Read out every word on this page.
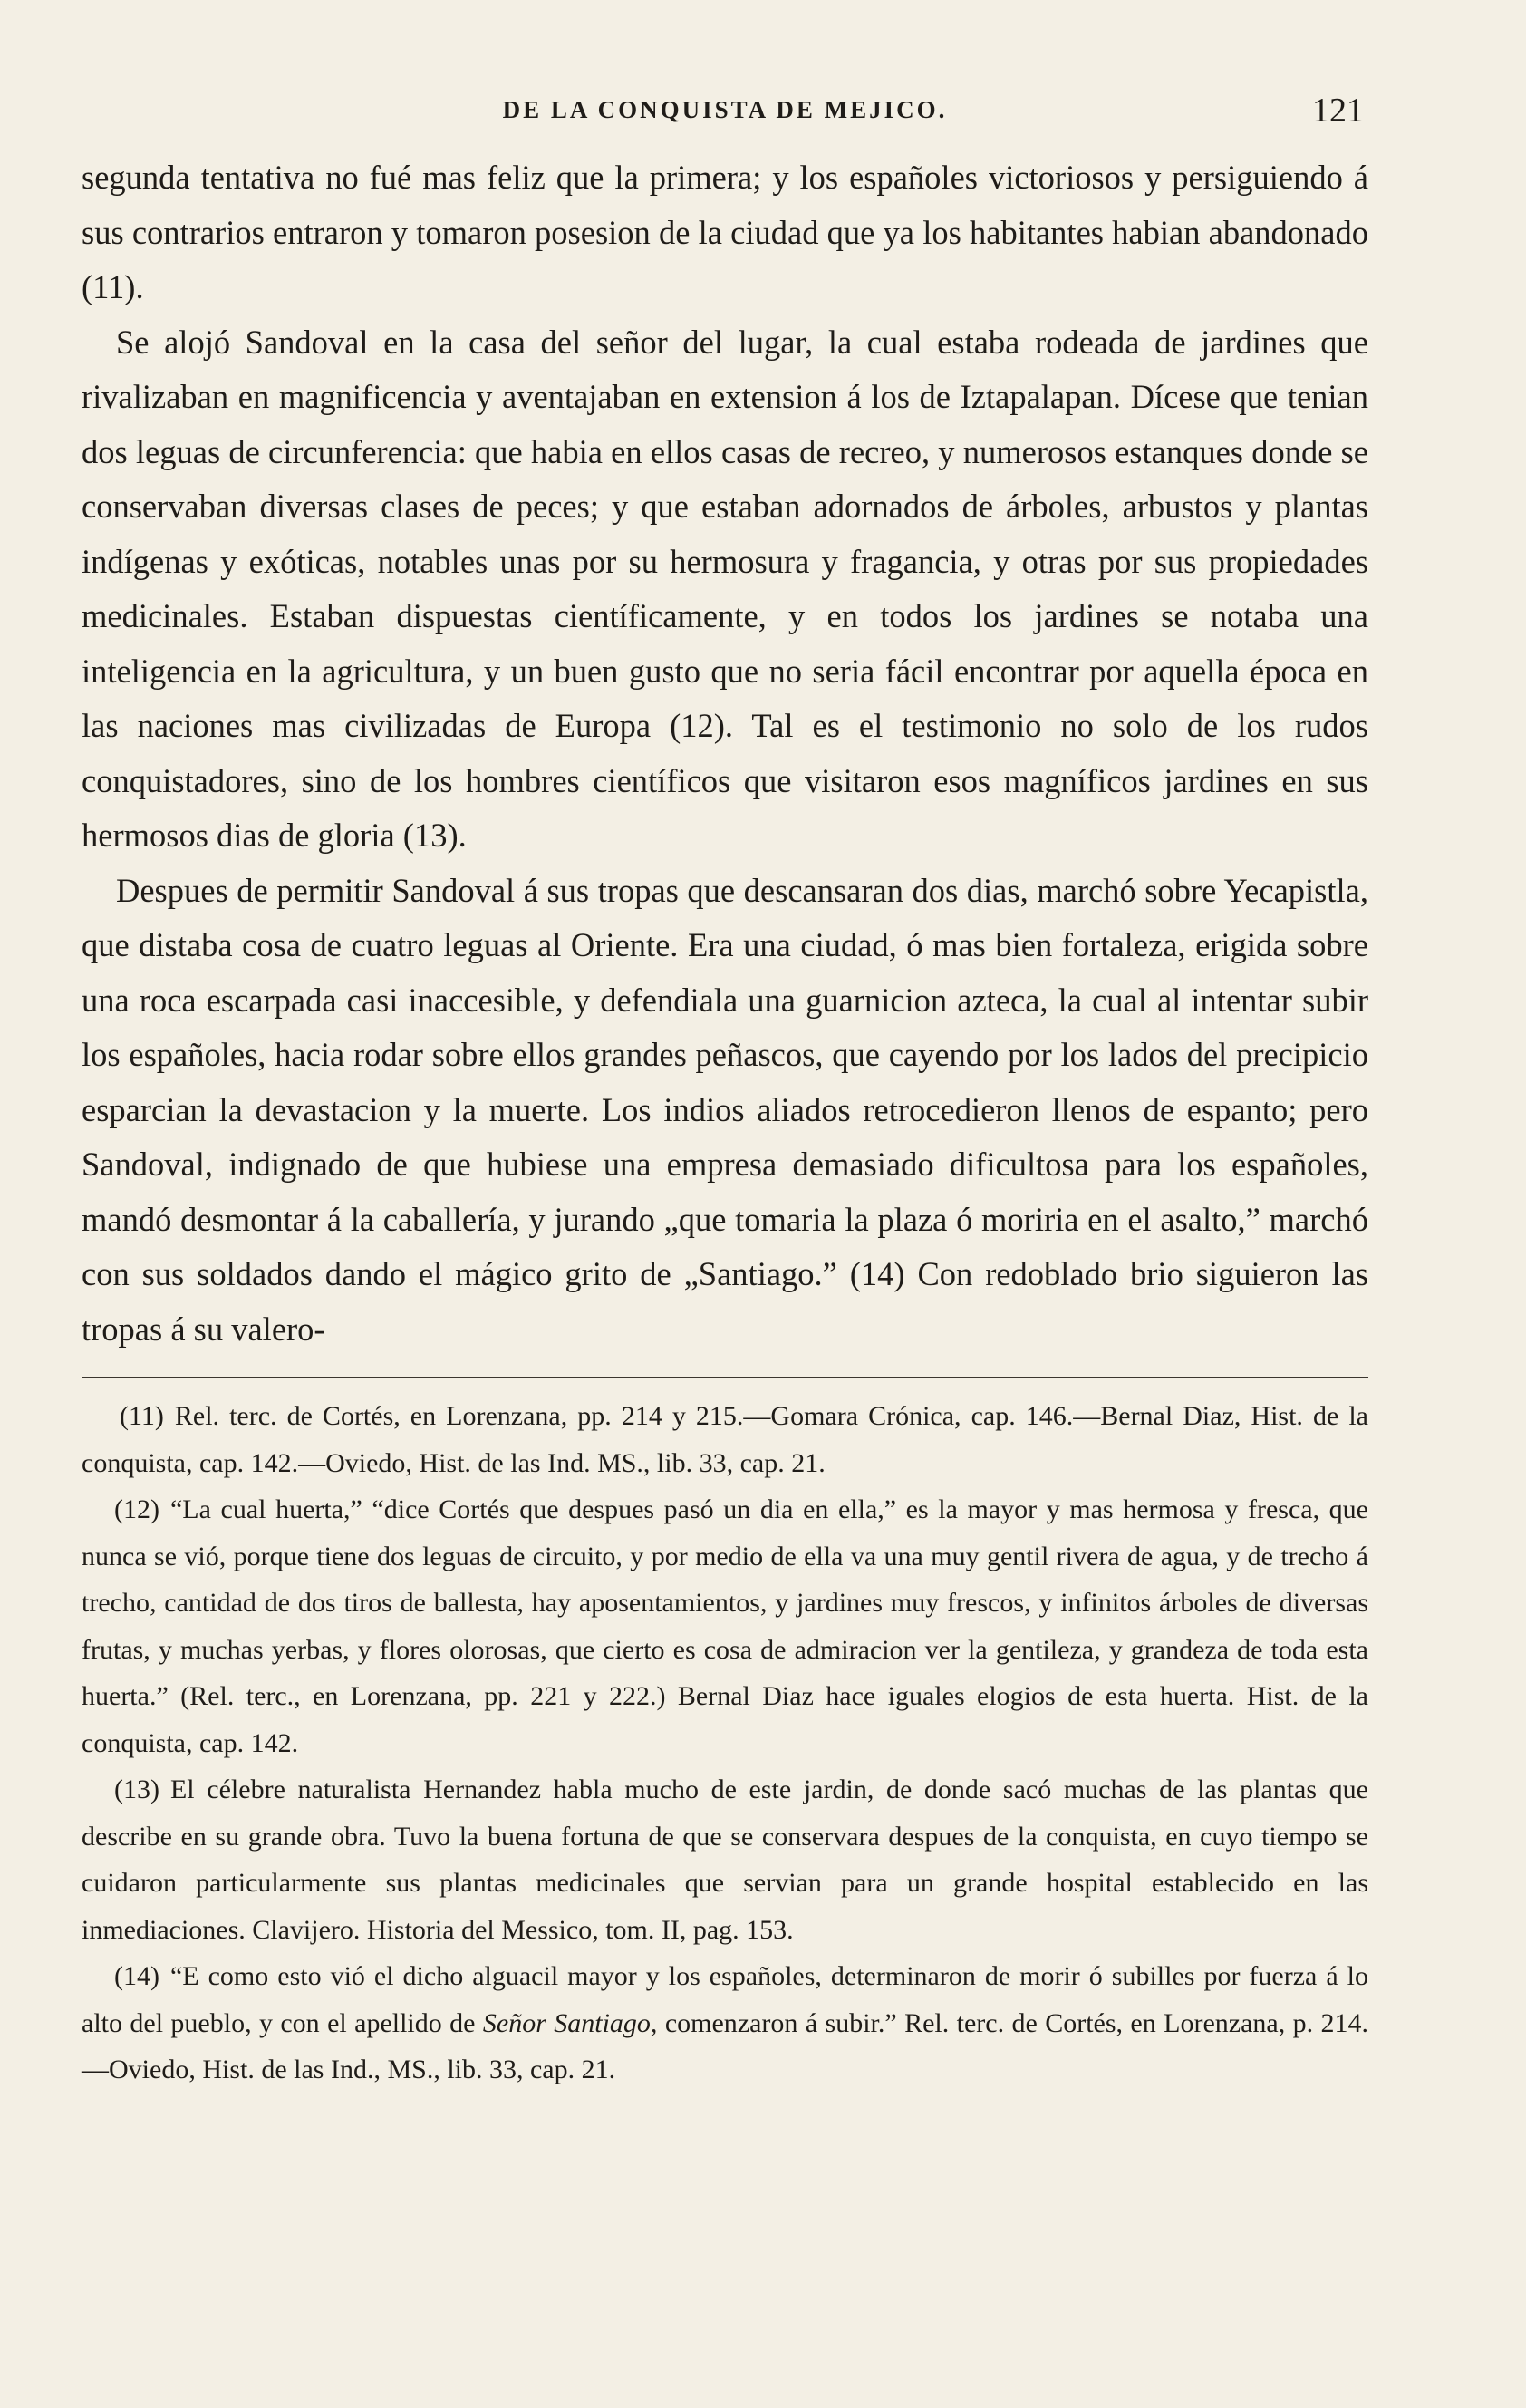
DE LA CONQUISTA DE MEJICO.	121

segunda tentativa no fué mas feliz que la primera; y los españoles victoriosos y persiguiendo á sus contrarios entraron y tomaron posesion de la ciudad que ya los habitantes habian abandonado (11).

Se alojó Sandoval en la casa del señor del lugar, la cual estaba rodeada de jardines que rivalizaban en magnificencia y aventajaban en extension á los de Iztapalapan. Dícese que tenian dos leguas de circunferencia: que habia en ellos casas de recreo, y numerosos estanques donde se conservaban diversas clases de peces; y que estaban adornados de árboles, arbustos y plantas indígenas y exóticas, notables unas por su hermosura y fragancia, y otras por sus propiedades medicinales. Estaban dispuestas científicamente, y en todos los jardines se notaba una inteligencia en la agricultura, y un buen gusto que no seria fácil encontrar por aquella época en las naciones mas civilizadas de Europa (12). Tal es el testimonio no solo de los rudos conquistadores, sino de los hombres científicos que visitaron esos magníficos jardines en sus hermosos dias de gloria (13).

Despues de permitir Sandoval á sus tropas que descansaran dos dias, marchó sobre Yecapistla, que distaba cosa de cuatro leguas al Oriente. Era una ciudad, ó mas bien fortaleza, erigida sobre una roca escarpada casi inaccesible, y defendiala una guarnicion azteca, la cual al intentar subir los españoles, hacia rodar sobre ellos grandes peñascos, que cayendo por los lados del precipicio esparcian la devastacion y la muerte. Los indios aliados retrocedieron llenos de espanto; pero Sandoval, indignado de que hubiese una empresa demasiado dificultosa para los españoles, mandó desmontar á la caballería, y jurando „que tomaria la plaza ó moriria en el asalto,” marchó con sus soldados dando el mágico grito de „Santiago.” (14) Con redoblado brio siguieron las tropas á su valero-

(11) Rel. terc. de Cortés, en Lorenzana, pp. 214 y 215.—Gomara Crónica, cap. 146.—Bernal Diaz, Hist. de la conquista, cap. 142.—Oviedo, Hist. de las Ind. MS., lib. 33, cap. 21.

(12) “La cual huerta,” “dice Cortés que despues pasó un dia en ella,” es la mayor y mas hermosa y fresca, que nunca se vió, porque tiene dos leguas de circuito, y por medio de ella va una muy gentil rivera de agua, y de trecho á trecho, cantidad de dos tiros de ballesta, hay aposentamientos, y jardines muy frescos, y infinitos árboles de diversas frutas, y muchas yerbas, y flores olorosas, que cierto es cosa de admiracion ver la gentileza, y grandeza de toda esta huerta.” (Rel. terc., en Lorenzana, pp. 221 y 222.) Bernal Diaz hace iguales elogios de esta huerta. Hist. de la conquista, cap. 142.

(13) El célebre naturalista Hernandez habla mucho de este jardin, de donde sacó muchas de las plantas que describe en su grande obra. Tuvo la buena fortuna de que se conservara despues de la conquista, en cuyo tiempo se cuidaron particularmente sus plantas medicinales que servian para un grande hospital establecido en las inmediaciones. Clavijero. Historia del Messico, tom. II, pag. 153.

(14) “E como esto vió el dicho alguacil mayor y los españoles, determinaron de morir ó subilles por fuerza á lo alto del pueblo, y con el apellido de Señor Santiago, comenzaron á subir.” Rel. terc. de Cortés, en Lorenzana, p. 214.—Oviedo, Hist. de las Ind., MS., lib. 33, cap. 21.
